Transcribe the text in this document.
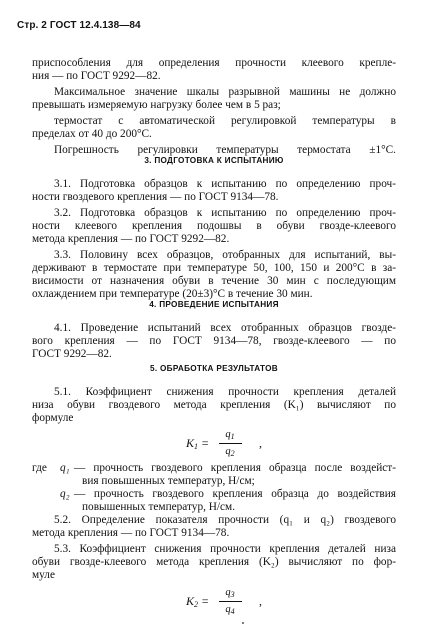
Стр. 2 ГОСТ 12.4.138—84
приспособления для определения прочности клеевого крепле-
ния — по ГОСТ 9292—82.
Максимальное значение шкалы разрывной машины не должно
превышать измеряемую нагрузку более чем в 5 раз;
термостат с автоматической регулировкой температуры в
пределах от 40 до 200°С.
Погрешность регулировки температуры термостата ±1°С.
3. ПОДГОТОВКА К ИСПЫТАНИЮ
3.1. Подготовка образцов к испытанию по определению проч-
ности гвоздевого крепления — по ГОСТ 9134—78.
3.2. Подготовка образцов к испытанию по определению проч-
ности клеевого крепления подошвы в обуви гвозде-клеевого
метода крепления — по ГОСТ 9292—82.
3.3. Половину всех образцов, отобранных для испытаний, вы-
держивают в термостате при температуре 50, 100, 150 и 200°С в за-
висимости от назначения обуви в течение 30 мин с последующим
охлаждением при температуре (20±3)°С в течение 30 мин.
4. ПРОВЕДЕНИЕ ИСПЫТАНИЯ
4.1. Проведение испытаний всех отобранных образцов гвозде-
вого крепления — по ГОСТ 9134—78, гвозде-клеевого — по
ГОСТ 9292—82.
5. ОБРАБОТКА РЕЗУЛЬТАТОВ
5.1. Коэффициент снижения прочности крепления деталей
низа обуви гвоздевого метода крепления (K₁) вычисляют по
формуле
$K_1$ =
$q_1$
$q_2$
,
где	q₁ — прочность гвоздевого крепления образца после воздейст-
вия повышенных температур, Н/см;
q₂ — прочность гвоздевого крепления образца до воздействия
повышенных температур, Н/см.
5.2. Определение показателя прочности (q₁ и q₂) гвоздевого
метода крепления — по ГОСТ 9134—78.
5.3. Коэффициент снижения прочности крепления деталей низа
обуви гвозде-клеевого метода крепления (K₂) вычисляют по фор-
муле
$K_2$ =
$q_3$
$q_4$
,
